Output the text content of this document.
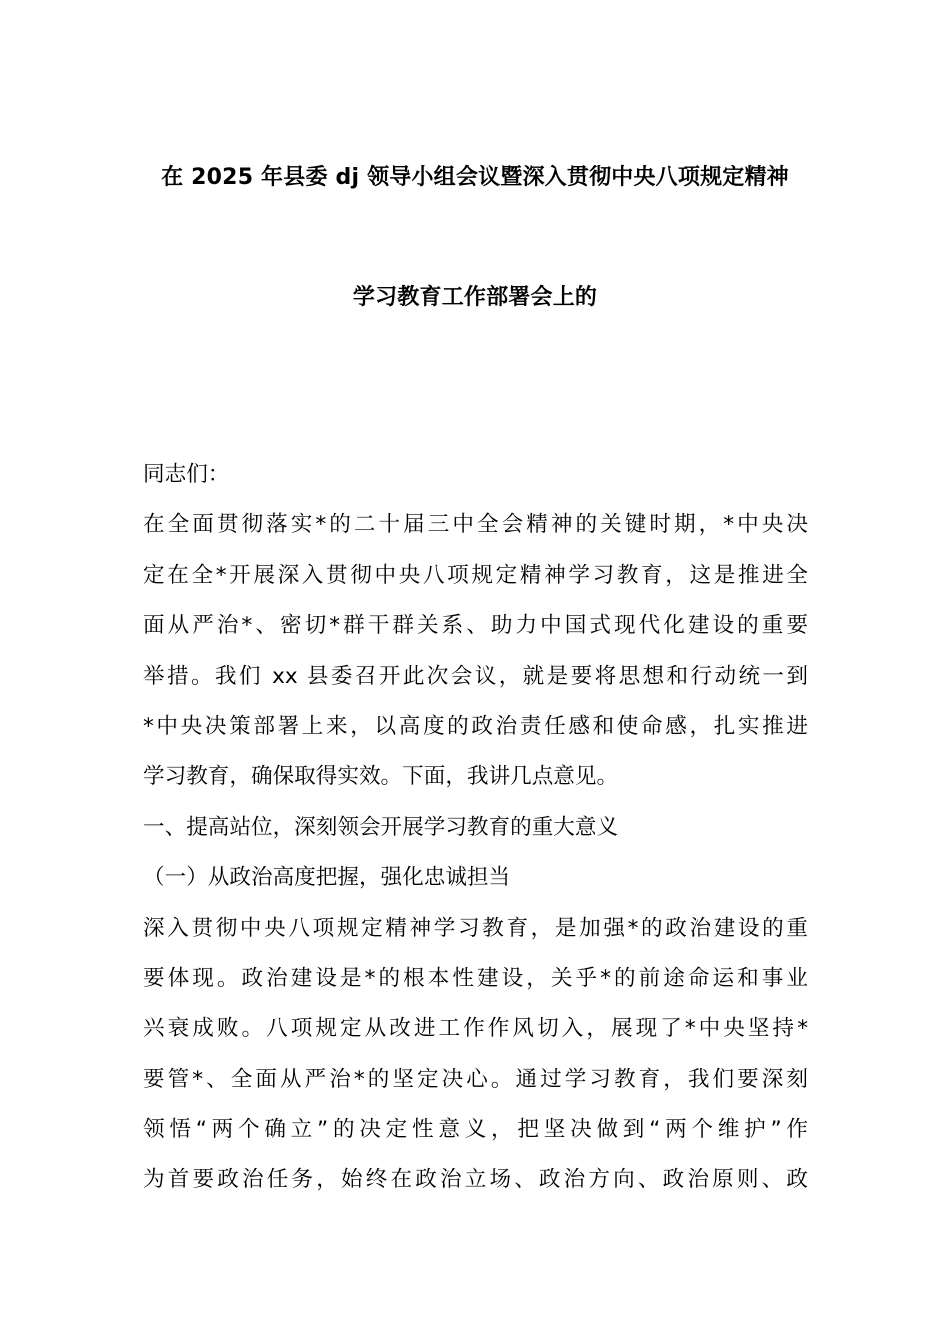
在 2025 年县委 dj 领导小组会议暨深入贯彻中央八项规定精神
学习教育工作部署会上的
同志们：
在全面贯彻落实*的二十届三中全会精神的关键时期，*中央决
定在全*开展深入贯彻中央八项规定精神学习教育，这是推进全
面从严治*、密切*群干群关系、助力中国式现代化建设的重要
举措。我们 xx 县委召开此次会议，就是要将思想和行动统一到
*中央决策部署上来，以高度的政治责任感和使命感，扎实推进
学习教育，确保取得实效。下面，我讲几点意见。
一、提高站位，深刻领会开展学习教育的重大意义
（一）从政治高度把握，强化忠诚担当
深入贯彻中央八项规定精神学习教育，是加强*的政治建设的重
要体现。政治建设是*的根本性建设，关乎*的前途命运和事业
兴衰成败。八项规定从改进工作作风切入，展现了*中央坚持*
要管*、全面从严治*的坚定决心。通过学习教育，我们要深刻
领悟“两个确立”的决定性意义，把坚决做到“两个维护”作
为首要政治任务，始终在政治立场、政治方向、政治原则、政
